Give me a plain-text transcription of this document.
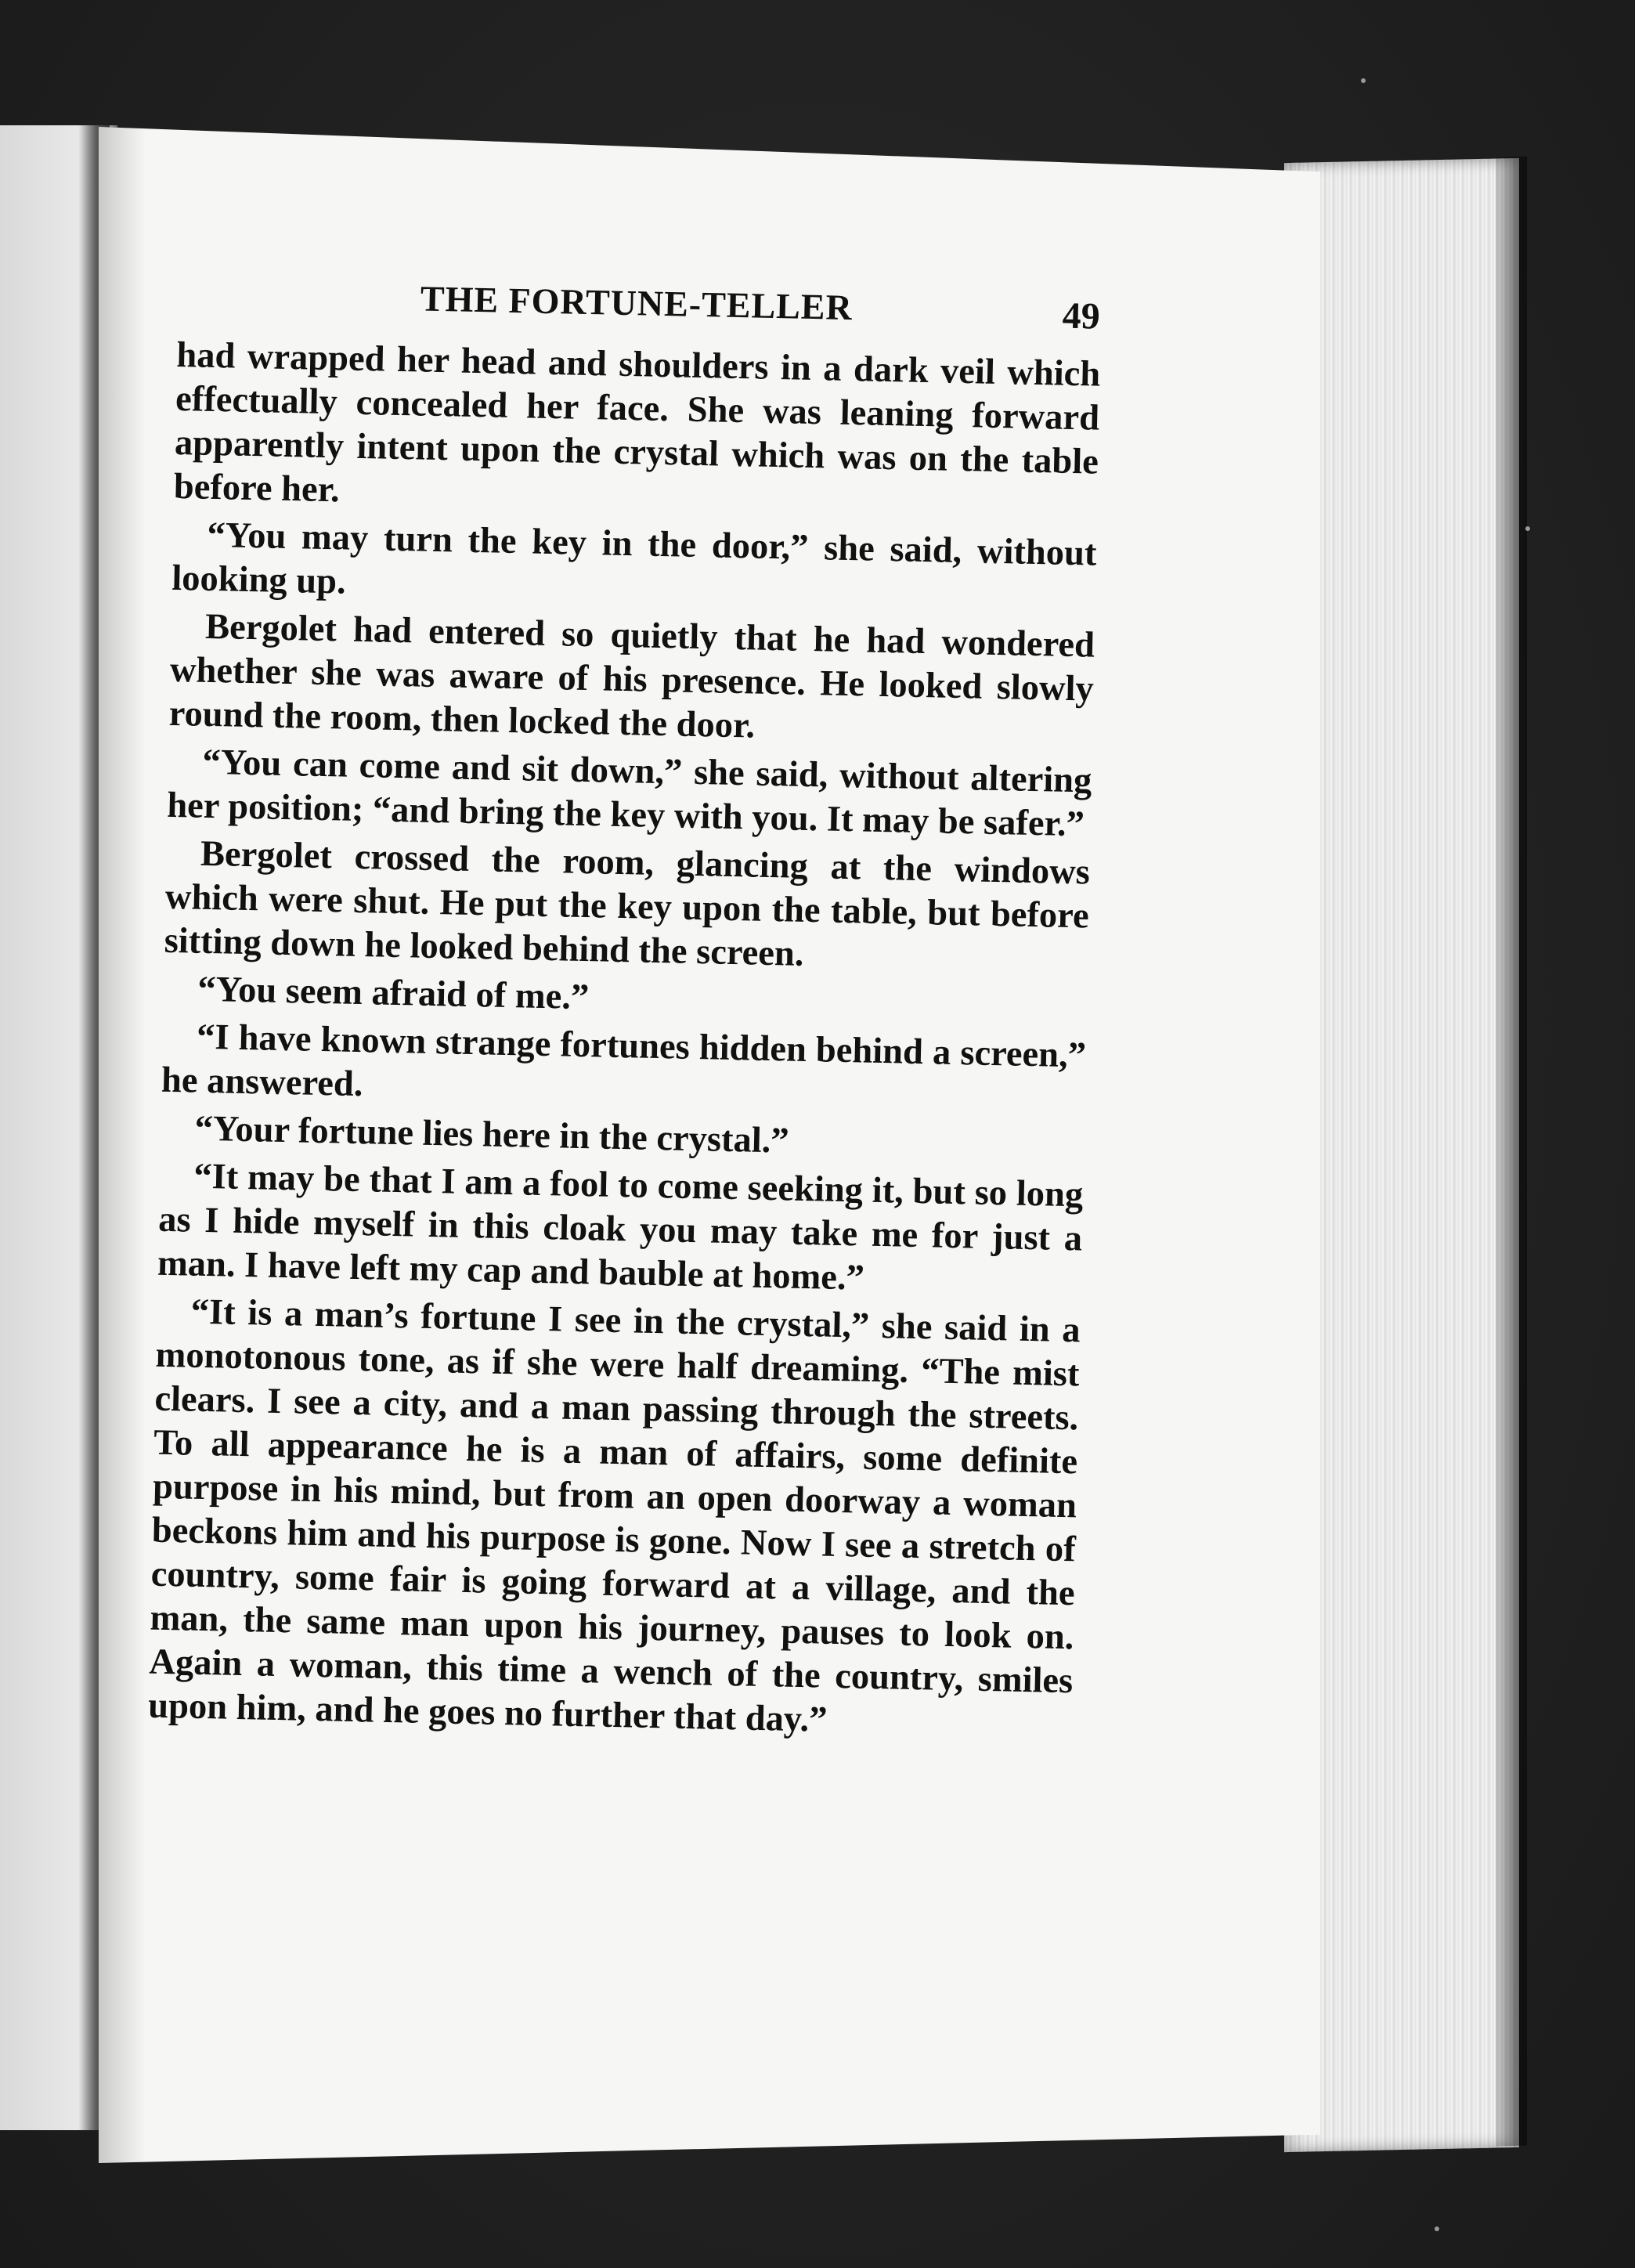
THE FORTUNE-TELLER	49

had wrapped her head and shoulders in a dark veil which effectually concealed her face. She was leaning forward apparently intent upon the crystal which was on the table before her.

“You may turn the key in the door,” she said, without looking up.

Bergolet had entered so quietly that he had wondered whether she was aware of his presence. He looked slowly round the room, then locked the door.

“You can come and sit down,” she said, without altering her position; “and bring the key with you. It may be safer.”

Bergolet crossed the room, glancing at the windows which were shut. He put the key upon the table, but before sitting down he looked behind the screen.

“You seem afraid of me.”

“I have known strange fortunes hidden behind a screen,” he answered.

“Your fortune lies here in the crystal.”

“It may be that I am a fool to come seeking it, but so long as I hide myself in this cloak you may take me for just a man. I have left my cap and bauble at home.”

“It is a man’s fortune I see in the crystal,” she said in a monotonous tone, as if she were half dreaming. “The mist clears. I see a city, and a man passing through the streets. To all appearance he is a man of affairs, some definite purpose in his mind, but from an open doorway a woman beckons him and his purpose is gone. Now I see a stretch of country, some fair is going forward at a village, and the man, the same man upon his journey, pauses to look on. Again a woman, this time a wench of the country, smiles upon him, and he goes no further that day.”
